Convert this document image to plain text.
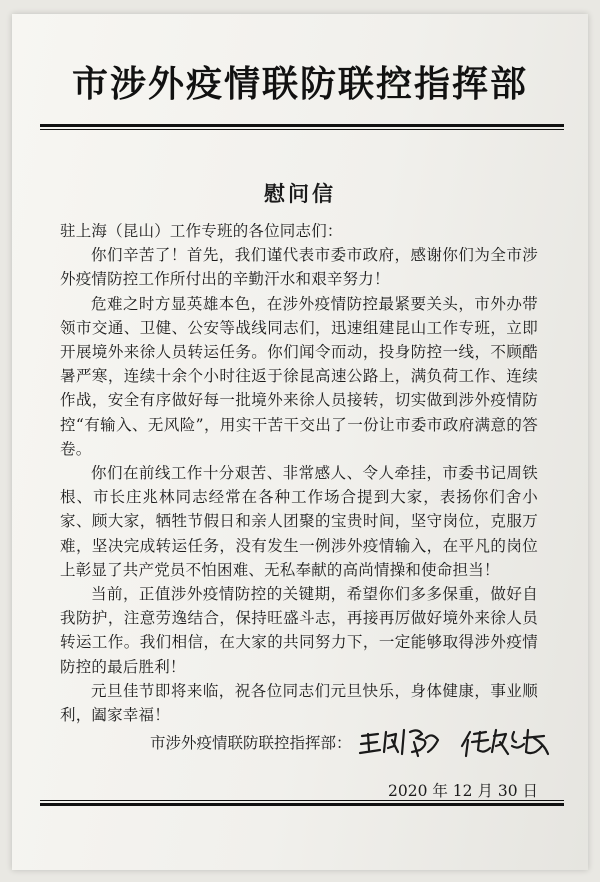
市涉外疫情联防联控指挥部
慰问信

驻上海（昆山）工作专班的各位同志们：

你们辛苦了！首先，我们谨代表市委市政府，感谢你们为全市涉外疫情防控工作所付出的辛勤汗水和艰辛努力！

危难之时方显英雄本色，在涉外疫情防控最紧要关头，市外办带领市交通、卫健、公安等战线同志们，迅速组建昆山工作专班，立即开展境外来徐人员转运任务。你们闻令而动，投身防控一线，不顾酷暑严寒，连续十余个小时往返于徐昆高速公路上，满负荷工作、连续作战，安全有序做好每一批境外来徐人员接转，切实做到涉外疫情防控“有输入、无风险”，用实干苦干交出了一份让市委市政府满意的答卷。

你们在前线工作十分艰苦、非常感人、令人牵挂，市委书记周铁根、市长庄兆林同志经常在各种工作场合提到大家，表扬你们舍小家、顾大家，牺牲节假日和亲人团聚的宝贵时间，坚守岗位，克服万难，坚决完成转运任务，没有发生一例涉外疫情输入，在平凡的岗位上彰显了共产党员不怕困难、无私奉献的高尚情操和使命担当！

当前，正值涉外疫情防控的关键期，希望你们多多保重，做好自我防护，注意劳逸结合，保持旺盛斗志，再接再厉做好境外来徐人员转运工作。我们相信，在大家的共同努力下，一定能够取得涉外疫情防控的最后胜利！

元旦佳节即将来临，祝各位同志们元旦快乐，身体健康，事业顺利，阖家幸福！

市涉外疫情联防联控指挥部：
2020 年 12 月 30 日
